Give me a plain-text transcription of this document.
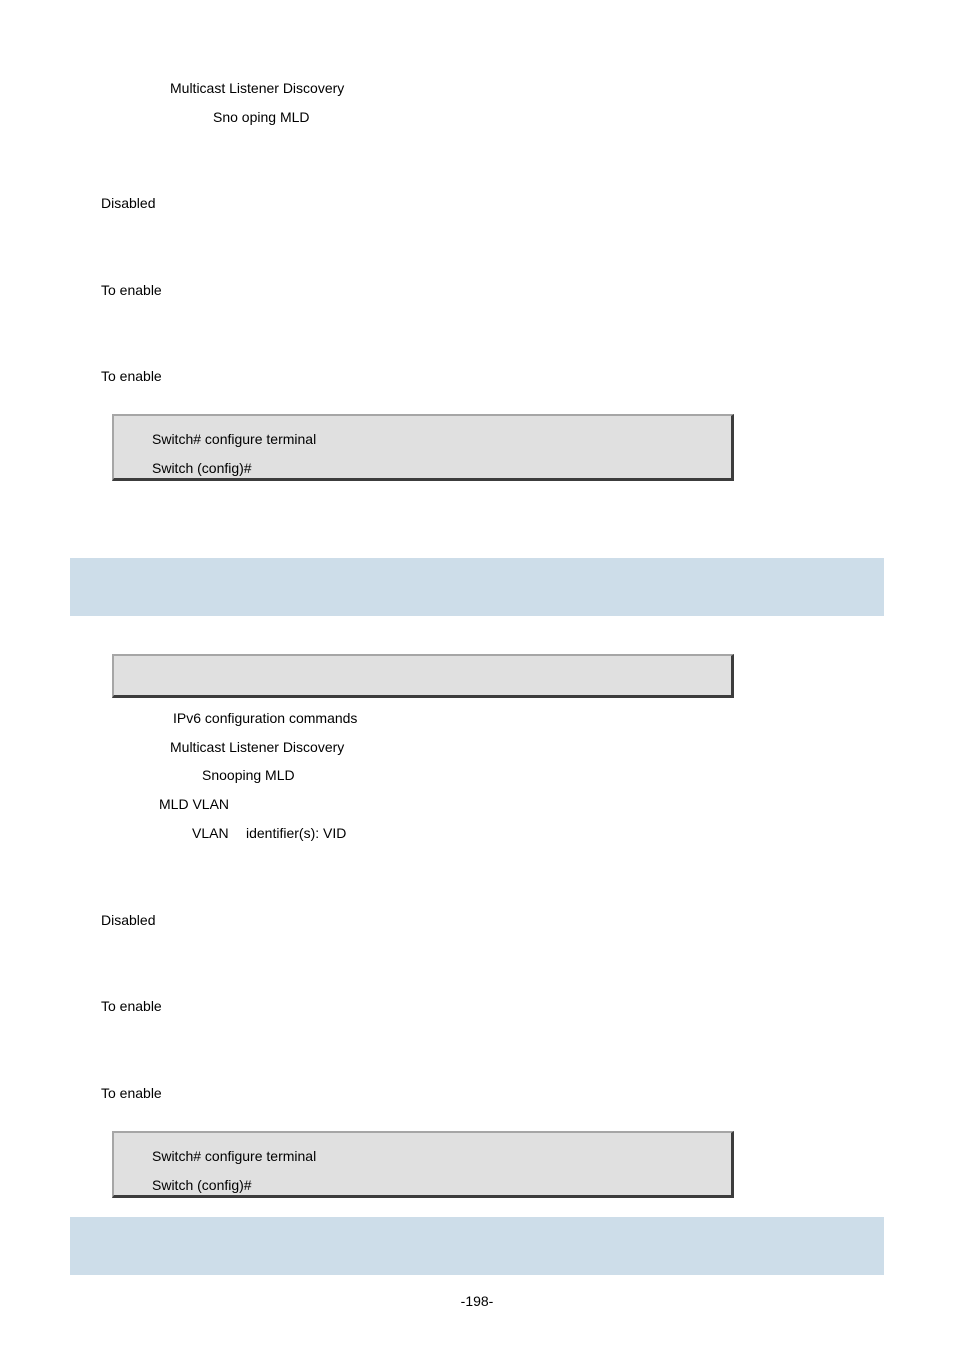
Multicast Listener Discovery
Sno oping MLD
Disabled
To enable
To enable
Switch# configure terminal
Switch (config)#
IPv6 configuration commands
Multicast Listener Discovery
Snooping MLD
MLD VLAN
VLAN identifier(s): VID
Disabled
To enable
To enable
Switch# configure terminal
Switch (config)#
-198-
